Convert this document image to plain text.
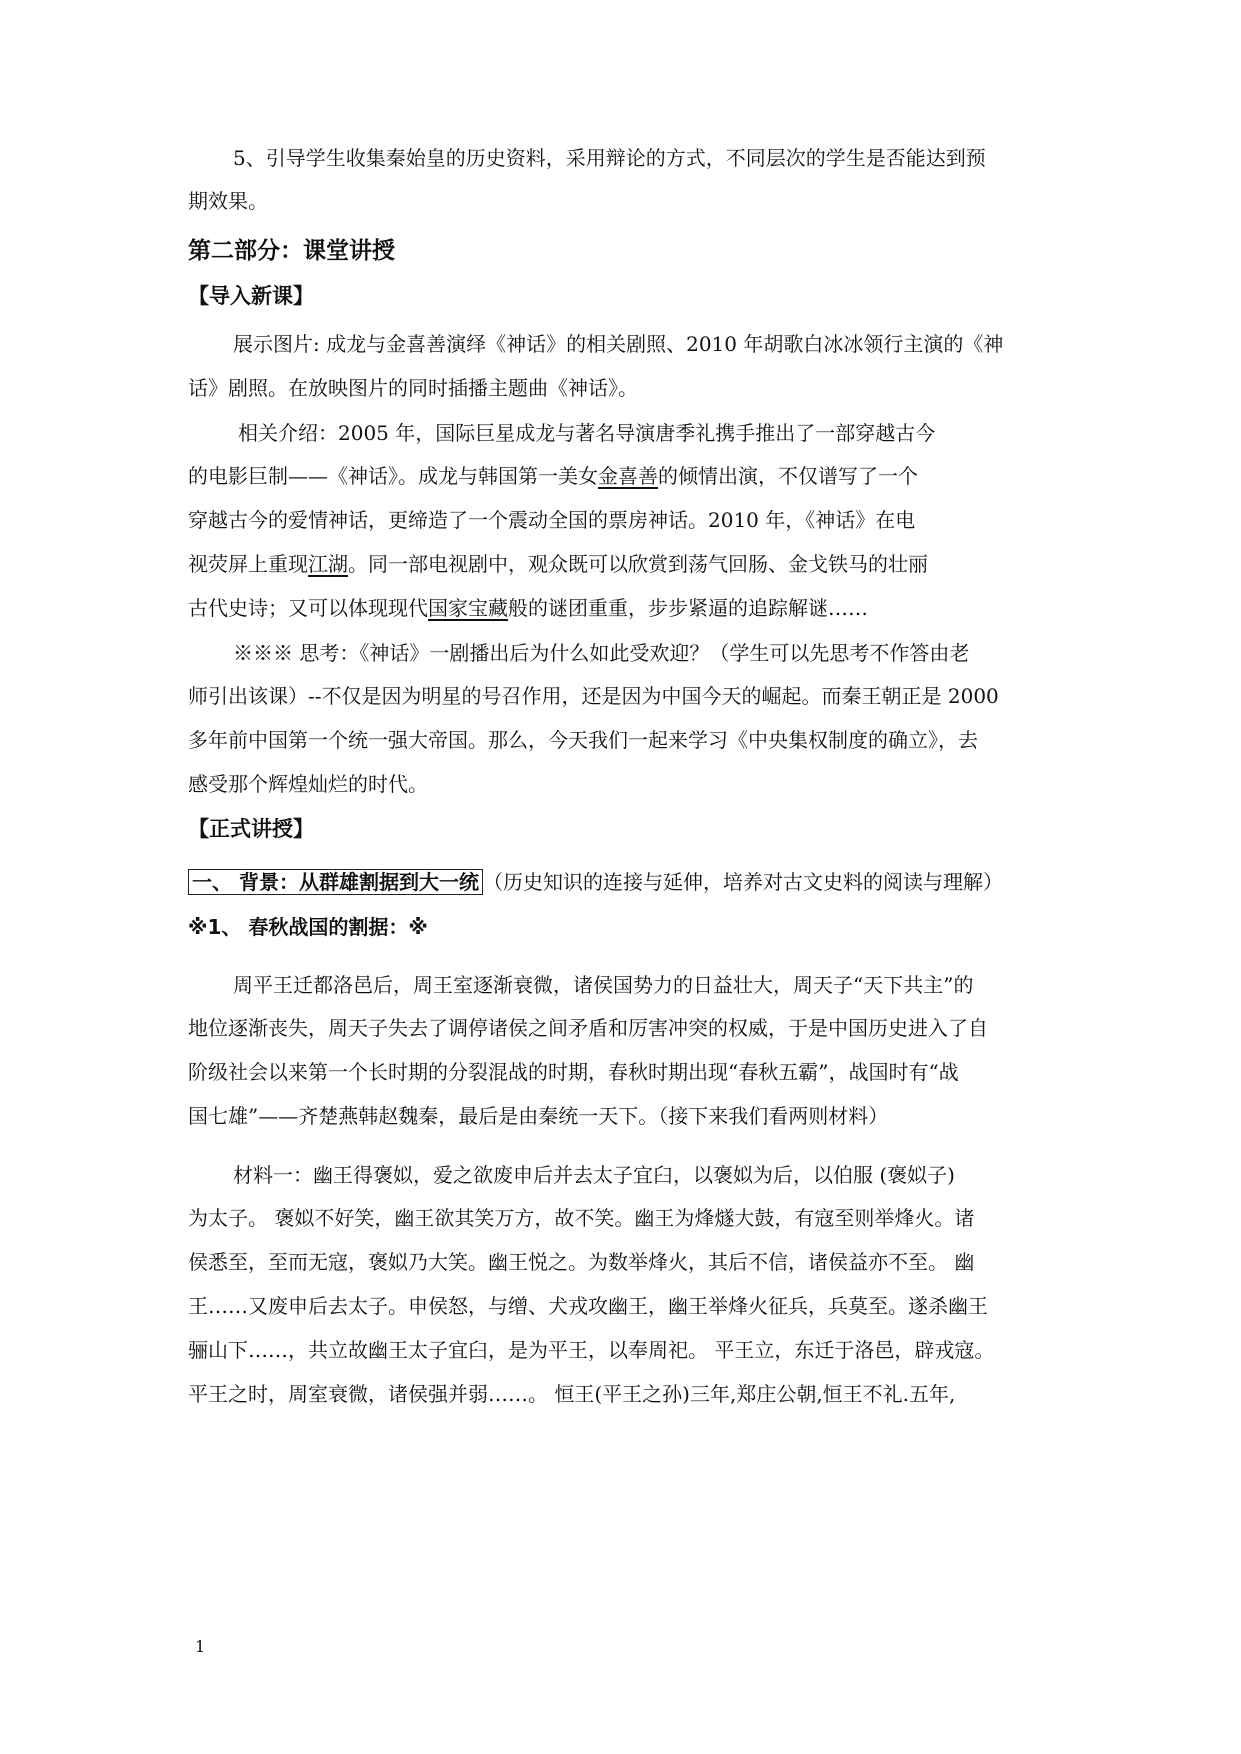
5、引导学生收集秦始皇的历史资料，采用辩论的方式，不同层次的学生是否能达到预
期效果。
第二部分：课堂讲授
【导入新课】
展示图片: 成龙与金喜善演绎《神话》的相关剧照、2010 年胡歌白冰冰领行主演的《神
话》剧照。在放映图片的同时插播主题曲《神话》。
相关介绍：2005 年，国际巨星成龙与著名导演唐季礼携手推出了一部穿越古今
的电影巨制——《神话》。成龙与韩国第一美女金喜善的倾情出演，不仅谱写了一个
穿越古今的爱情神话，更缔造了一个震动全国的票房神话。2010 年，《神话》在电
视荧屏上重现江湖。同一部电视剧中，观众既可以欣赏到荡气回肠、金戈铁马的壮丽
古代史诗；又可以体现现代国家宝藏般的谜团重重，步步紧逼的追踪解谜……
※※※ 思考：《神话》一剧播出后为什么如此受欢迎？（学生可以先思考不作答由老
师引出该课）--不仅是因为明星的号召作用，还是因为中国今天的崛起。而秦王朝正是 2000
多年前中国第一个统一强大帝国。那么，今天我们一起来学习《中央集权制度的确立》，去
感受那个辉煌灿烂的时代。
【正式讲授】
一、 背景：从群雄割据到大一统 （历史知识的连接与延伸，培养对古文史料的阅读与理解）
※1、 春秋战国的割据：※
周平王迁都洛邑后，周王室逐渐衰微，诸侯国势力的日益壮大，周天子“天下共主”的
地位逐渐丧失，周天子失去了调停诸侯之间矛盾和厉害冲突的权威，于是中国历史进入了自
阶级社会以来第一个长时期的分裂混战的时期，春秋时期出现“春秋五霸”，战国时有“战
国七雄”——齐楚燕韩赵魏秦，最后是由秦统一天下。（接下来我们看两则材料）
材料一：幽王得褒姒，爱之欲废申后并去太子宜臼，以褒姒为后，以伯服 (褒姒子)
为太子。 褒姒不好笑，幽王欲其笑万方，故不笑。幽王为烽燧大鼓，有寇至则举烽火。诸
侯悉至，至而无寇，褒姒乃大笑。幽王悦之。为数举烽火，其后不信，诸侯益亦不至。 幽
王……又废申后去太子。申侯怒，与缯、犬戎攻幽王，幽王举烽火征兵，兵莫至。遂杀幽王
骊山下……，共立故幽王太子宜臼，是为平王，以奉周祀。 平王立，东迁于洛邑，辟戎寇。
平王之时，周室衰微，诸侯强并弱……。 恒王(平王之孙)三年,郑庄公朝,恒王不礼.五年,
1
